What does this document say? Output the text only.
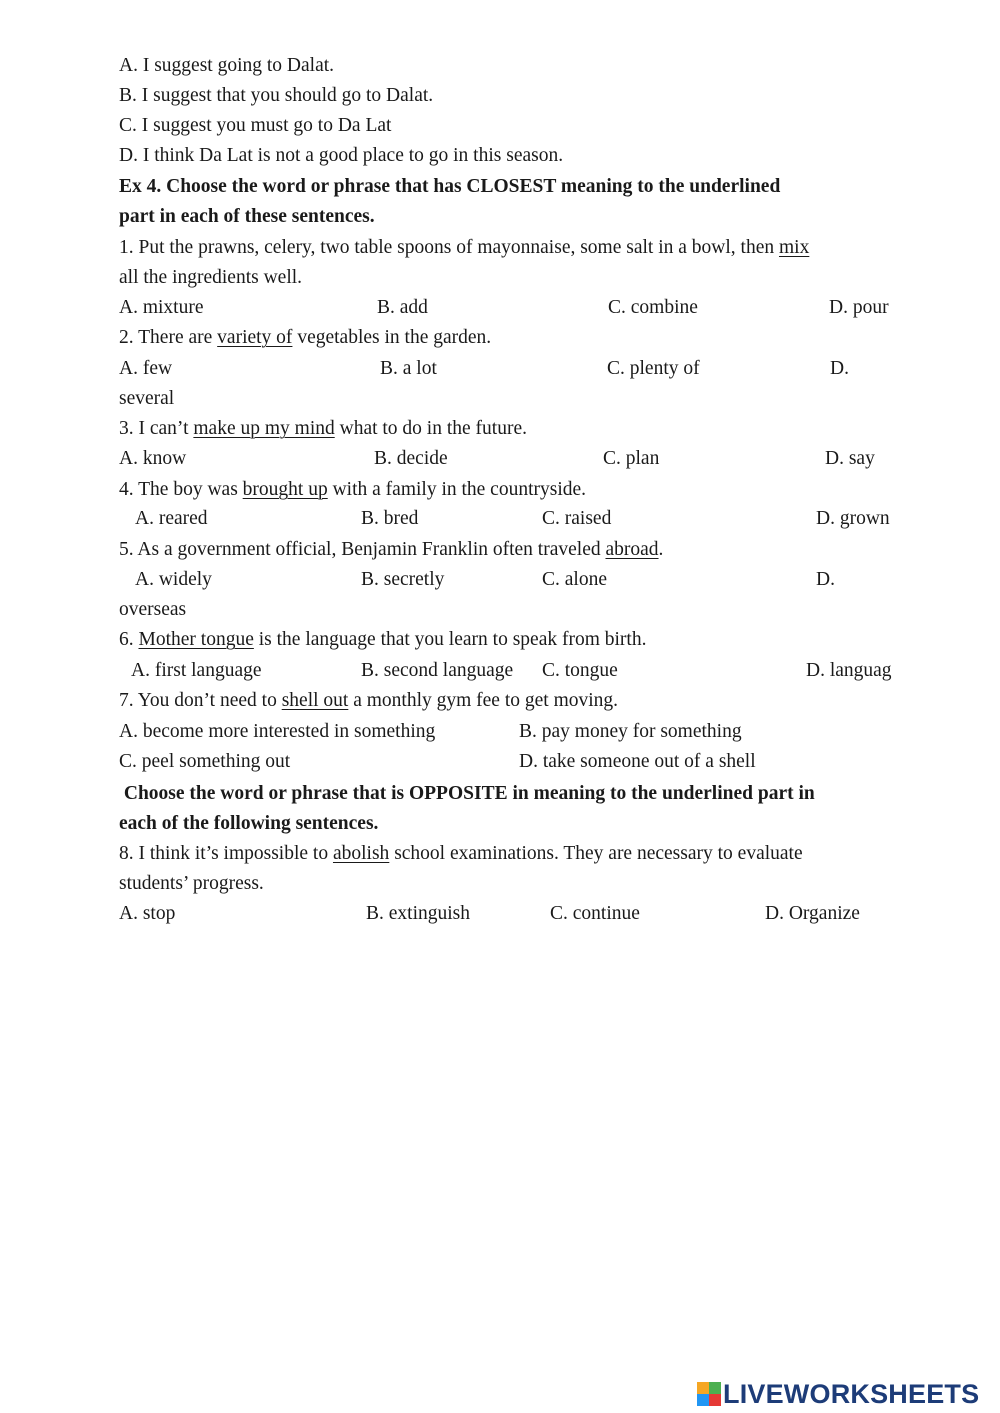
A. I suggest going to Dalat.
B. I suggest that you should go to Dalat.
C. I suggest you must go to Da Lat
D. I think Da Lat is not a good place to go in this season.
Ex 4. Choose the word or phrase that has CLOSEST meaning to the underlined
part in each of these sentences.
1. Put the prawns, celery, two table spoons of mayonnaise, some salt in a bowl, then mix
all the ingredients well.
A. mixture	B. add	C. combine	D. pour
2. There are variety of vegetables in the garden.
A. few	B. a lot	C. plenty of	D.
several
3. I can’t make up my mind what to do in the future.
A. know	B. decide	C. plan	D. say
4. The boy was brought up with a family in the countryside.
A. reared	B. bred	C. raised	D. grown
5. As a government official, Benjamin Franklin often traveled abroad.
A. widely	B. secretly	C. alone	D.
overseas
6. Mother tongue is the language that you learn to speak from birth.
A. first language	B. second language C. tongue	D. languag
7. You don’t need to shell out a monthly gym fee to get moving.
A. become more interested in something	B. pay money for something
C. peel something out	D. take someone out of a shell
Choose the word or phrase that is OPPOSITE in meaning to the underlined part in
each of the following sentences.
8. I think it’s impossible to abolish school examinations. They are necessary to evaluate
students’ progress.
A. stop	B. extinguish	C. continue	D. Organize
LIVEWORKSHEETS
